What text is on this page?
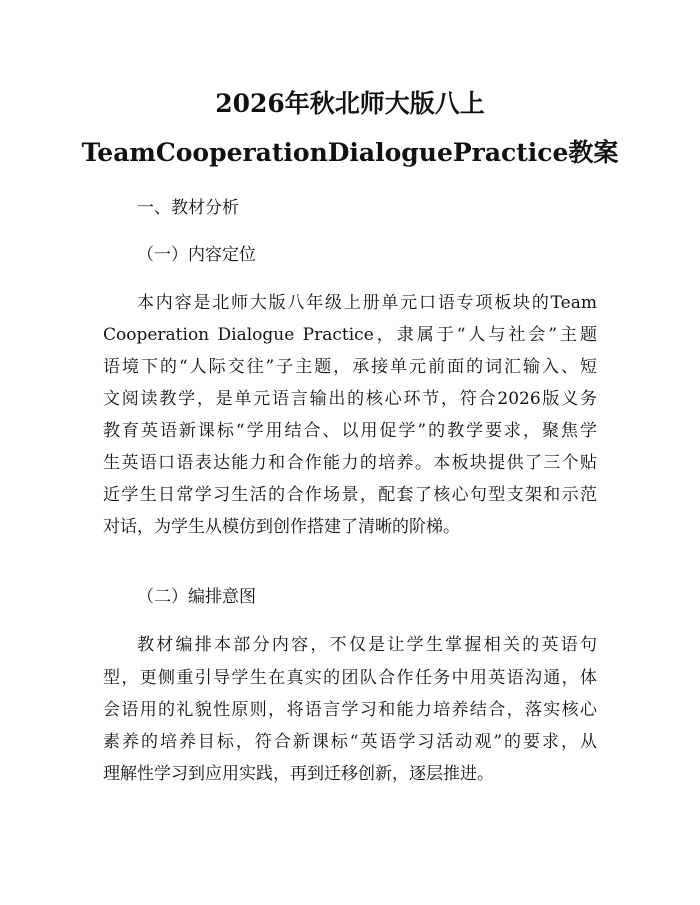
2026年秋北师大版八上
TeamCooperationDialoguePractice教案
一、教材分析
（一）内容定位
本内容是北师大版八年级上册单元口语专项板块的Team
Cooperation Dialogue Practice，隶属于“人与社会”主题
语境下的“人际交往”子主题，承接单元前面的词汇输入、短
文阅读教学，是单元语言输出的核心环节，符合2026版义务
教育英语新课标“学用结合、以用促学”的教学要求，聚焦学
生英语口语表达能力和合作能力的培养。本板块提供了三个贴
近学生日常学习生活的合作场景，配套了核心句型支架和示范
对话，为学生从模仿到创作搭建了清晰的阶梯。
（二）编排意图
教材编排本部分内容，不仅是让学生掌握相关的英语句
型，更侧重引导学生在真实的团队合作任务中用英语沟通，体
会语用的礼貌性原则，将语言学习和能力培养结合，落实核心
素养的培养目标，符合新课标“英语学习活动观”的要求，从
理解性学习到应用实践，再到迁移创新，逐层推进。
